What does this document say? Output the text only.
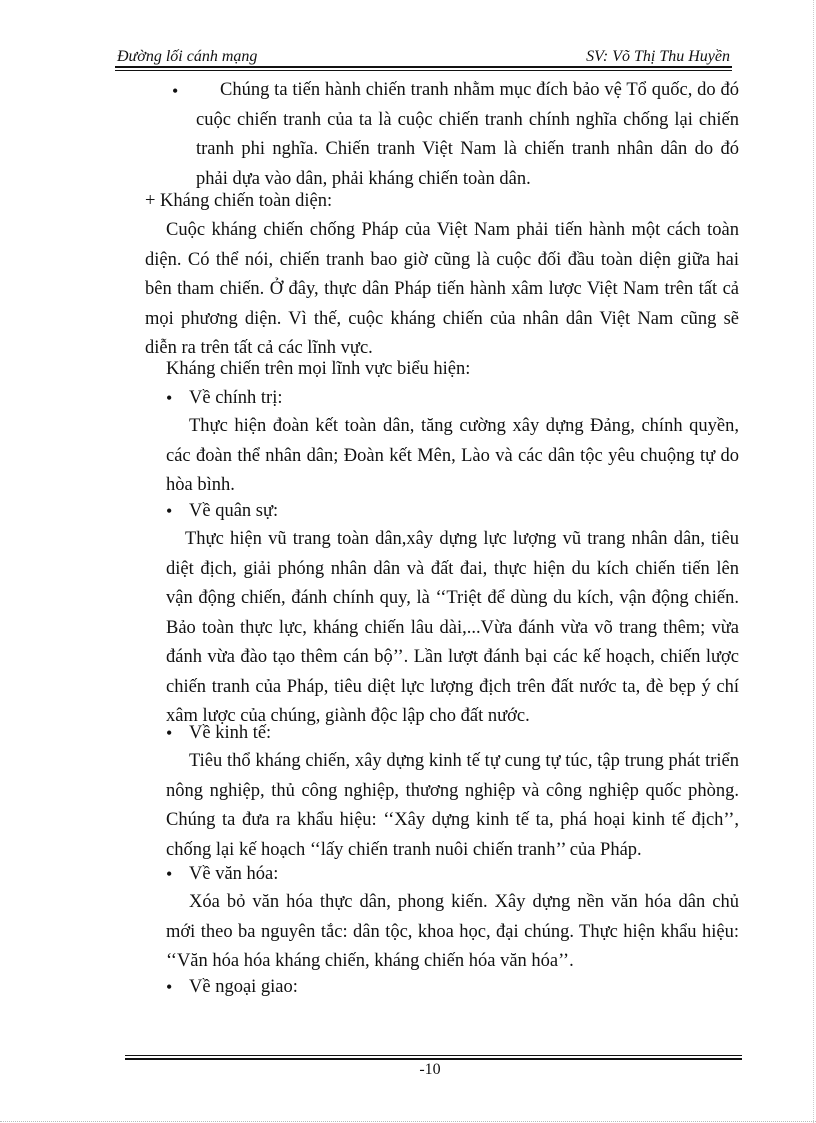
Đường lối cánh mạng	SV: Võ Thị Thu Huyền
•	Chúng ta tiến hành chiến tranh nhằm mục đích bảo vệ Tổ quốc, do đó cuộc chiến tranh của ta là cuộc chiến tranh chính nghĩa chống lại chiến tranh phi nghĩa. Chiến tranh Việt Nam là chiến tranh nhân dân do đó phải dựa vào dân, phải kháng chiến toàn dân.
+ Kháng chiến toàn diện:
Cuộc kháng chiến chống Pháp của Việt Nam phải tiến hành một cách toàn diện. Có thể nói, chiến tranh bao giờ cũng là cuộc đối đầu toàn diện giữa hai bên tham chiến. Ở đây, thực dân Pháp tiến hành xâm lược Việt Nam trên tất cả mọi phương diện. Vì thế, cuộc kháng chiến của nhân dân Việt Nam cũng sẽ diễn ra trên tất cả các lĩnh vực.
Kháng chiến trên mọi lĩnh vực biểu hiện:
• Về chính trị:
Thực hiện đoàn kết toàn dân, tăng cường xây dựng Đảng, chính quyền, các đoàn thể nhân dân; Đoàn kết Mên, Lào và các dân tộc yêu chuộng tự do hòa bình.
• Về quân sự:
Thực hiện vũ trang toàn dân,xây dựng lực lượng vũ trang nhân dân, tiêu diệt địch, giải phóng nhân dân và đất đai, thực hiện du kích chiến tiến lên vận động chiến, đánh chính quy, là ‘‘Triệt để dùng du kích, vận động chiến. Bảo toàn thực lực, kháng chiến lâu dài,...Vừa đánh vừa võ trang thêm; vừa đánh vừa đào tạo thêm cán bộ’’. Lần lượt đánh bại các kế hoạch, chiến lược chiến tranh của Pháp, tiêu diệt lực lượng địch trên đất nước ta, đè bẹp ý chí xâm lược của chúng, giành độc lập cho đất nước.
• Về kinh tế:
Tiêu thổ kháng chiến, xây dựng kinh tế tự cung tự túc, tập trung phát triển nông nghiệp, thủ công nghiệp, thương nghiệp và công nghiệp quốc phòng. Chúng ta đưa ra khẩu hiệu: ‘‘Xây dựng kinh tế ta, phá hoại kinh tế địch’’, chống lại kế hoạch ‘‘lấy chiến tranh nuôi chiến tranh’’ của Pháp.
• Về văn hóa:
Xóa bỏ văn hóa thực dân, phong kiến. Xây dựng nền văn hóa dân chủ mới theo ba nguyên tắc: dân tộc, khoa học, đại chúng. Thực hiện khẩu hiệu: ‘‘Văn hóa hóa kháng chiến, kháng chiến hóa văn hóa’’.
• Về ngoại giao:
-10
